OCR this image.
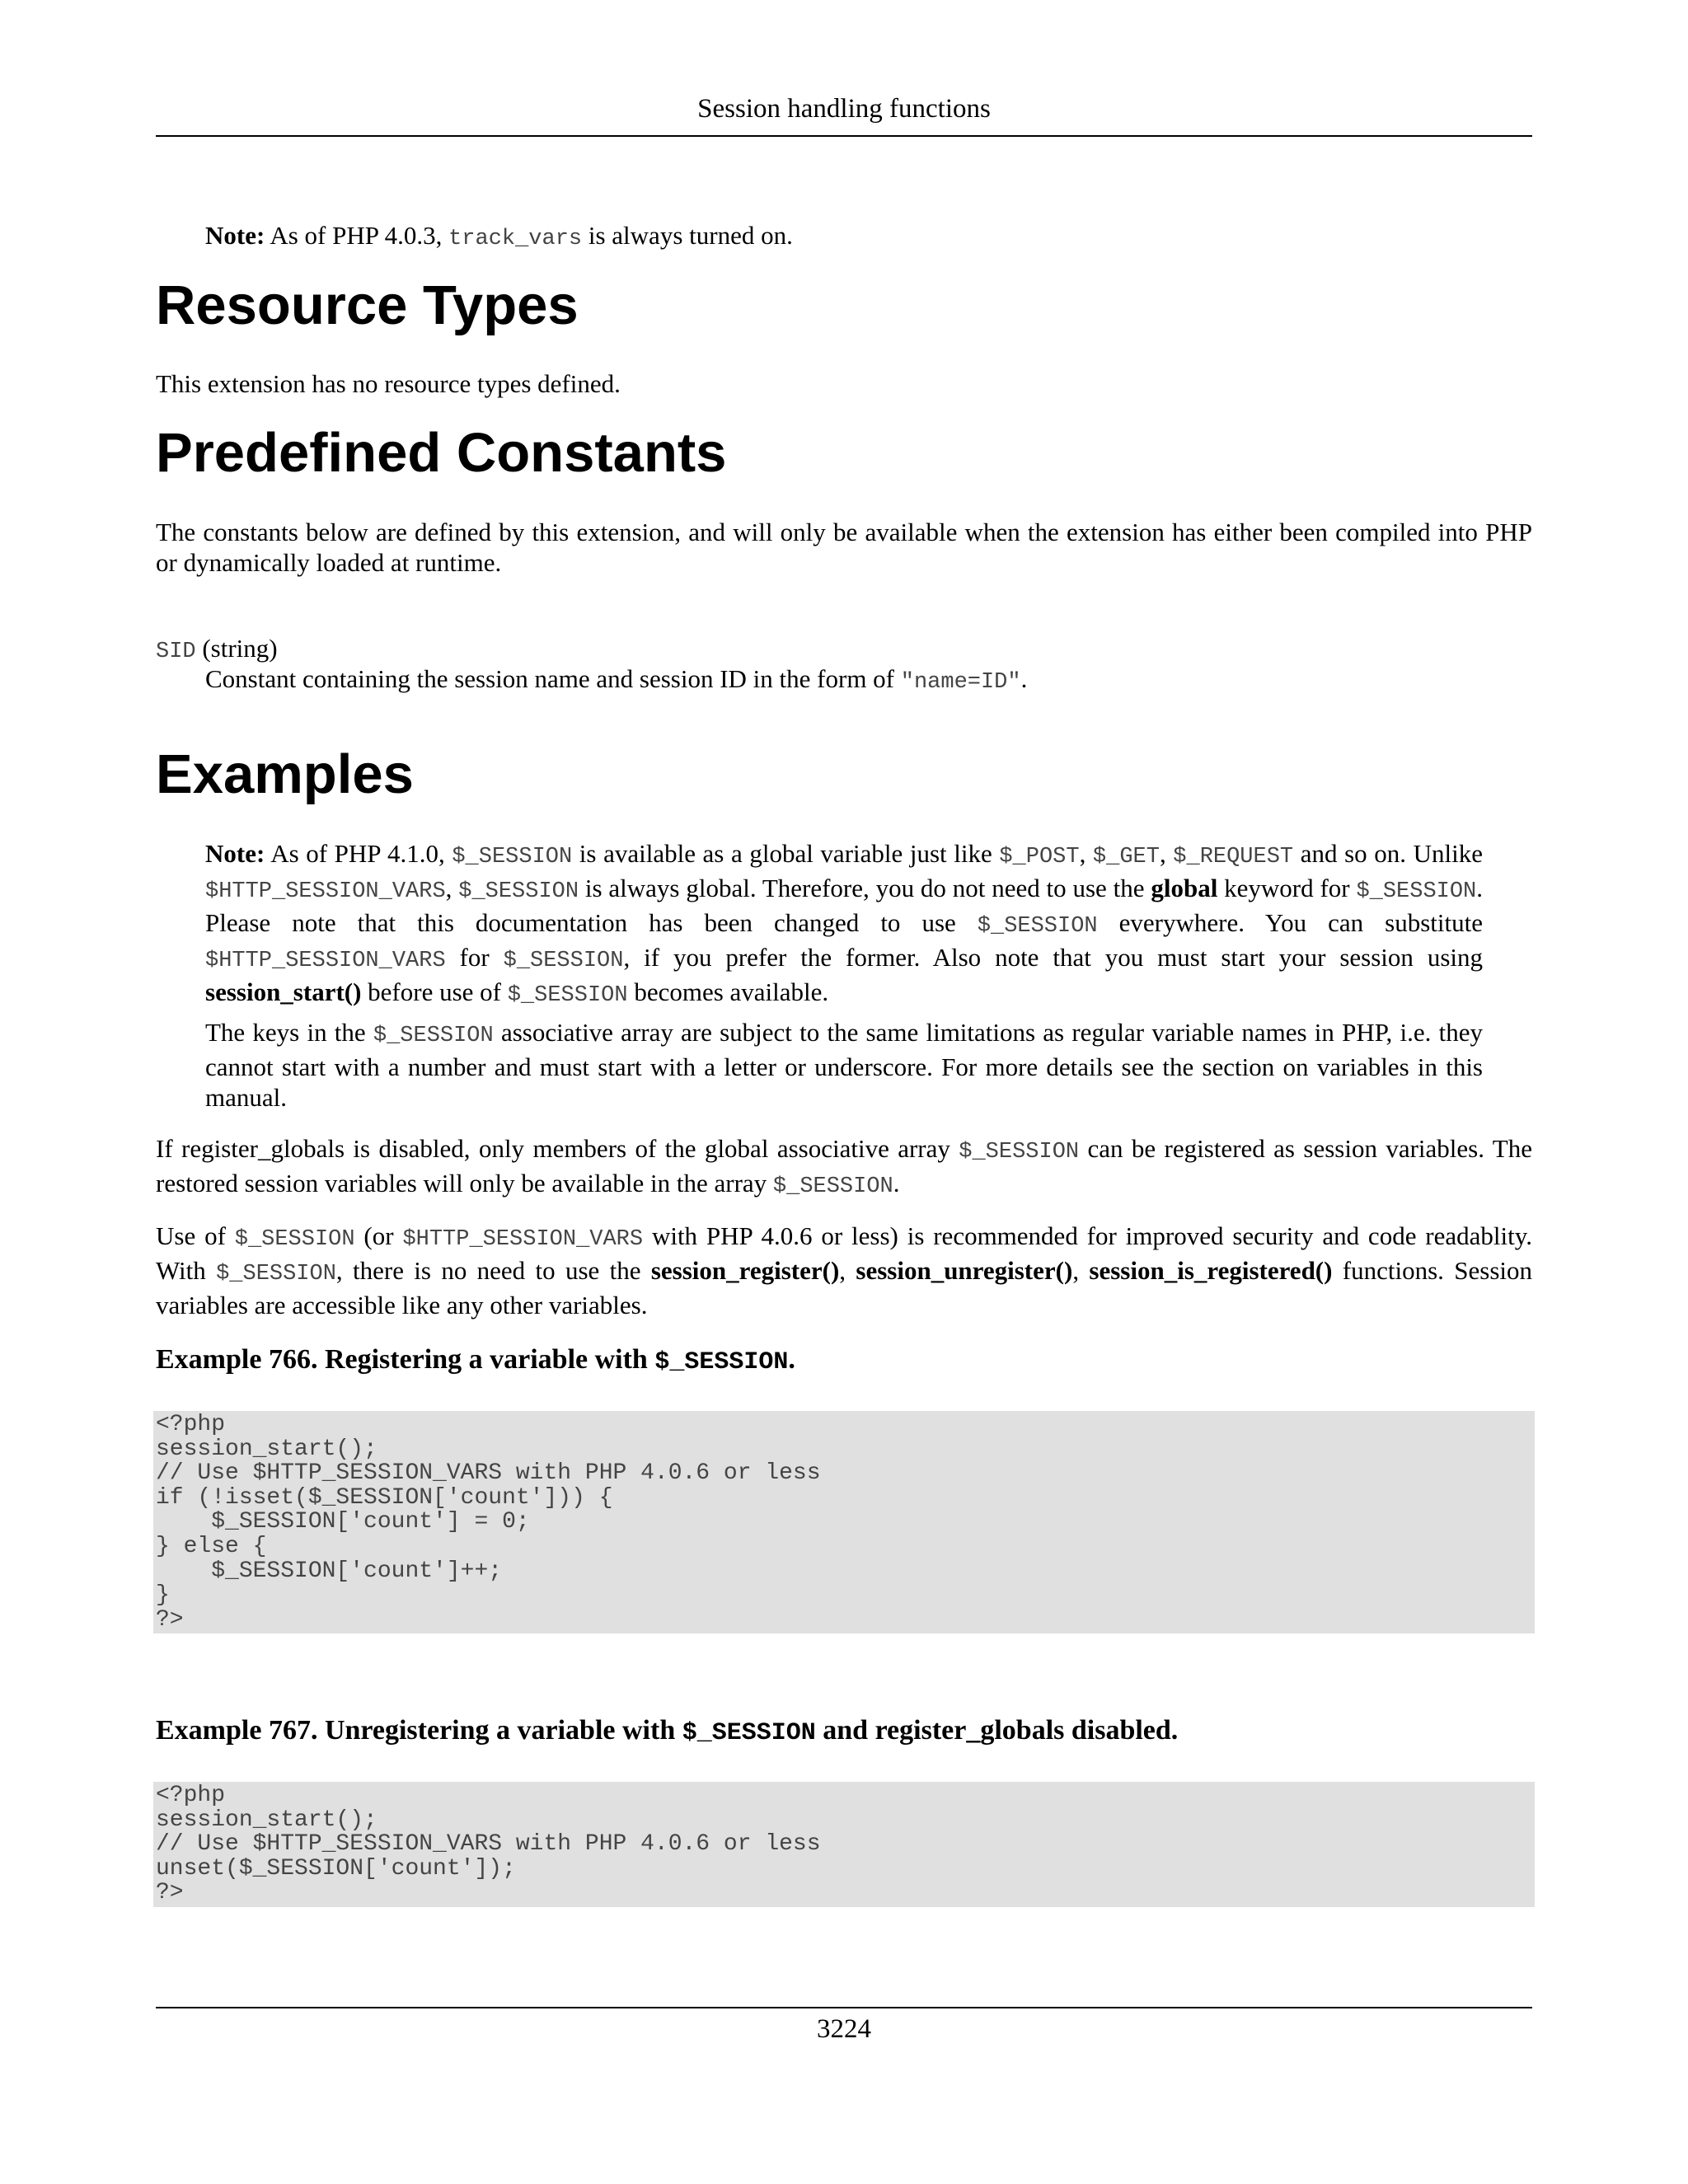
Session handling functions

Note: As of PHP 4.0.3, track_vars is always turned on.

Resource Types

This extension has no resource types defined.

Predefined Constants

The constants below are defined by this extension, and will only be available when the extension has either been compiled into PHP or dynamically loaded at runtime.

SID (string)

Constant containing the session name and session ID in the form of "name=ID".

Examples

Note: As of PHP 4.1.0, $_SESSION is available as a global variable just like $_POST, $_GET, $_REQUEST and so on. Unlike $HTTP_SESSION_VARS, $_SESSION is always global. Therefore, you do not need to use the global keyword for $_SESSION. Please note that this documentation has been changed to use $_SESSION everywhere. You can substitute $HTTP_SESSION_VARS for $_SESSION, if you prefer the former. Also note that you must start your session using session_start() before use of $_SESSION becomes available.

The keys in the $_SESSION associative array are subject to the same limitations as regular variable names in PHP, i.e. they cannot start with a number and must start with a letter or underscore. For more details see the section on variables in this manual.

If register_globals is disabled, only members of the global associative array $_SESSION can be registered as session variables. The restored session variables will only be available in the array $_SESSION.

Use of $_SESSION (or $HTTP_SESSION_VARS with PHP 4.0.6 or less) is recommended for improved security and code readablity. With $_SESSION, there is no need to use the session_register(), session_unregister(), session_is_registered() functions. Session variables are accessible like any other variables.

Example 766. Registering a variable with $_SESSION.

<?php
session_start();
// Use $HTTP_SESSION_VARS with PHP 4.0.6 or less
if (!isset($_SESSION['count'])) {
$_SESSION['count'] = 0;
} else {
$_SESSION['count']++;
}
?>

Example 767. Unregistering a variable with $_SESSION and register_globals disabled.

<?php
session_start();
// Use $HTTP_SESSION_VARS with PHP 4.0.6 or less
unset($_SESSION['count']);
?>
3224
